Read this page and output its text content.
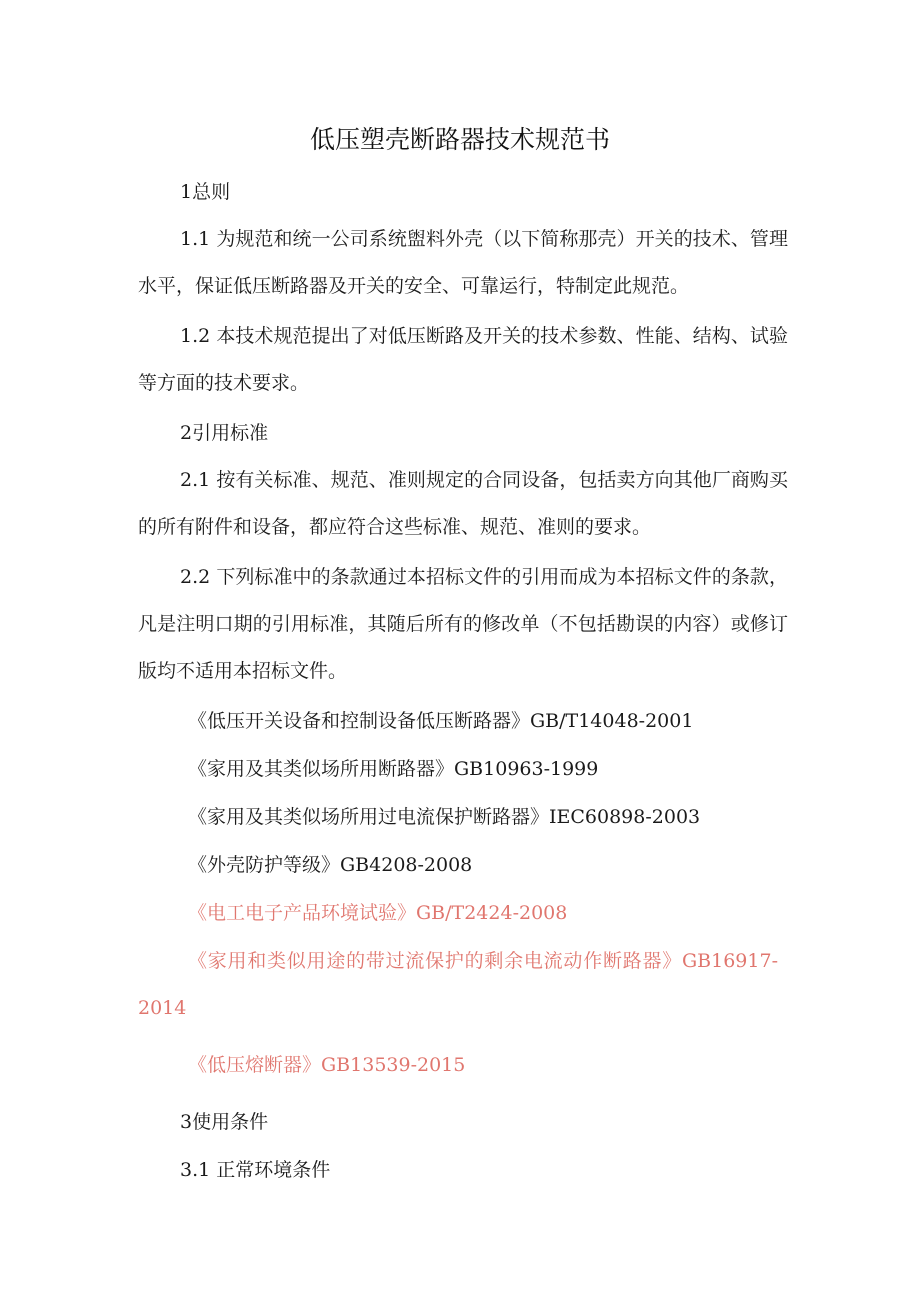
低压塑壳断路器技术规范书
1总则
1.1 为规范和统一公司系统盥料外壳（以下简称那壳）开关的技术、管理水平，保证低压断路器及开关的安全、可靠运行，特制定此规范。
1.2 本技术规范提出了对低压断路及开关的技术参数、性能、结构、试验等方面的技术要求。
2引用标准
2.1 按有关标准、规范、准则规定的合同设备，包括卖方向其他厂商购买的所有附件和设备，都应符合这些标准、规范、准则的要求。
2.2 下列标准中的条款通过本招标文件的引用而成为本招标文件的条款，凡是注明口期的引用标准，其随后所有的修改单（不包括勘误的内容）或修订版均不适用本招标文件。
《低压开关设备和控制设备低压断路器》GB/T14048-2001
《家用及其类似场所用断路器》GB10963-1999
《家用及其类似场所用过电流保护断路器》IEC60898-2003
《外壳防护等级》GB4208-2008
《电工电子产品环境试验》GB/T2424-2008
《家用和类似用途的带过流保护的剩余电流动作断路器》GB16917-2014
《低压熔断器》GB13539-2015
3使用条件
3.1 正常环境条件
